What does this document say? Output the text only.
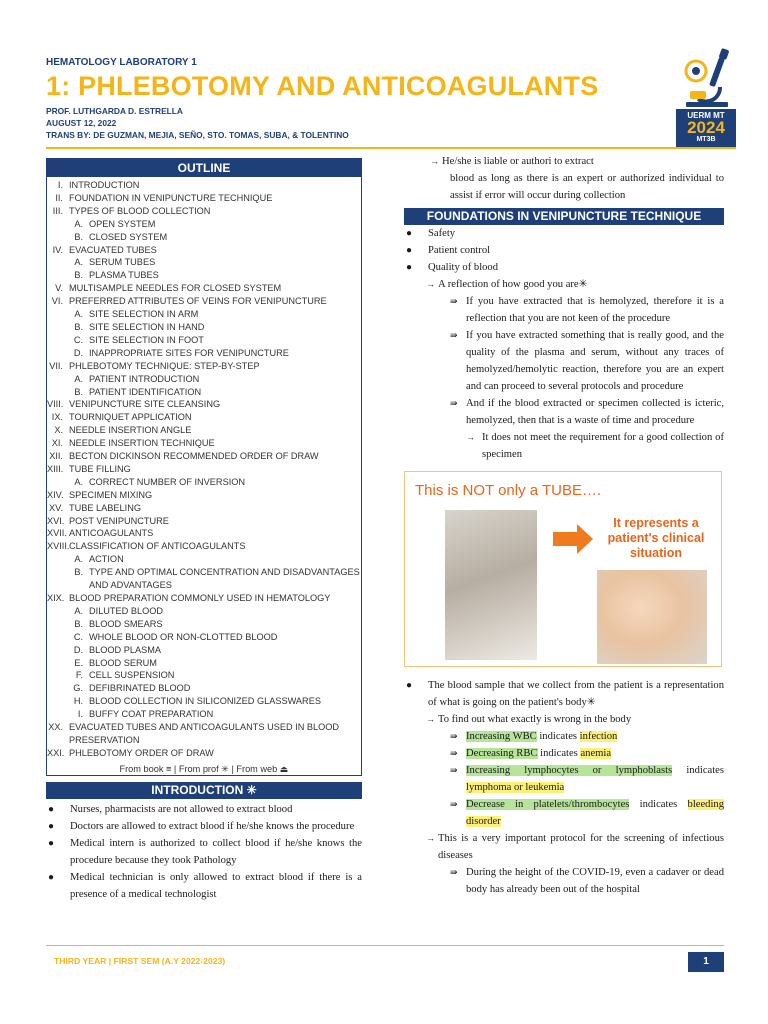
HEMATOLOGY LABORATORY 1
1: PHLEBOTOMY AND ANTICOAGULANTS
PROF. LUTHGARDA D. ESTRELLA
AUGUST 12, 2022
TRANS BY: DE GUZMAN, MEJIA, SEÑO, STO. TOMAS, SUBA, & TOLENTINO
UERM MT
2024
MT3B
OUTLINE
I. INTRODUCTION
II. FOUNDATION IN VENIPUNCTURE TECHNIQUE
III. TYPES OF BLOOD COLLECTION
A. OPEN SYSTEM
B. CLOSED SYSTEM
IV. EVACUATED TUBES
A. SERUM TUBES
B. PLASMA TUBES
V. MULTISAMPLE NEEDLES FOR CLOSED SYSTEM
VI. PREFERRED ATTRIBUTES OF VEINS FOR VENIPUNCTURE
A. SITE SELECTION IN ARM
B. SITE SELECTION IN HAND
C. SITE SELECTION IN FOOT
D. INAPPROPRIATE SITES FOR VENIPUNCTURE
VII. PHLEBOTOMY TECHNIQUE: STEP-BY-STEP
A. PATIENT INTRODUCTION
B. PATIENT IDENTIFICATION
VIII. VENIPUNCTURE SITE CLEANSING
IX. TOURNIQUET APPLICATION
X. NEEDLE INSERTION ANGLE
XI. NEEDLE INSERTION TECHNIQUE
XII. BECTON DICKINSON RECOMMENDED ORDER OF DRAW
XIII. TUBE FILLING
A. CORRECT NUMBER OF INVERSION
XIV. SPECIMEN MIXING
XV. TUBE LABELING
XVI. POST VENIPUNCTURE
XVII. ANTICOAGULANTS
XVIII. CLASSIFICATION OF ANTICOAGULANTS
A. ACTION
B. TYPE AND OPTIMAL CONCENTRATION AND DISADVANTAGES AND ADVANTAGES
XIX. BLOOD PREPARATION COMMONLY USED IN HEMATOLOGY
A. DILUTED BLOOD
B. BLOOD SMEARS
C. WHOLE BLOOD OR NON-CLOTTED BLOOD
D. BLOOD PLASMA
E. BLOOD SERUM
F. CELL SUSPENSION
G. DEFIBRINATED BLOOD
H. BLOOD COLLECTION IN SILICONIZED GLASSWARES
I. BUFFY COAT PREPARATION
XX. EVACUATED TUBES AND ANTICOAGULANTS USED IN BLOOD PRESERVATION
XXI. PHLEBOTOMY ORDER OF DRAW
From book ≡ | From prof ✳ | From web ⏏
INTRODUCTION ✳
●	Nurses, pharmacists are not allowed to extract blood
●	Doctors are allowed to extract blood if he/she knows the procedure
●	Medical intern is authorized to collect blood if he/she knows the procedure because they took Pathology
●	Medical technician is only allowed to extract blood if there is a presence of a medical technologist
→ He/she is liable or authori to extract
blood as long as there is an expert or authorized individual to assist if error will occur during collection
FOUNDATIONS IN VENIPUNCTURE TECHNIQUE
●	Safety
●	Patient control
●	Quality of blood
→ A reflection of how good you are✳
⇛ If you have extracted that is hemolyzed, therefore it is a reflection that you are not keen of the procedure
⇛ If you have extracted something that is really good, and the quality of the plasma and serum, without any traces of hemolyzed/hemolytic reaction, therefore you are an expert and can proceed to several protocols and procedure
⇛ And if the blood extracted or specimen collected is icteric, hemolyzed, then that is a waste of time and procedure
→ It does not meet the requirement for a good collection of specimen
This is NOT only a TUBE….
It represents a patient's clinical situation
●	The blood sample that we collect from the patient is a representation of what is going on the patient's body✳
→ To find out what exactly is wrong in the body
⇛ Increasing WBC indicates infection
⇛ Decreasing RBC indicates anemia
⇛ Increasing lymphocytes or lymphoblasts indicates lymphoma or leukemia
⇛ Decrease in platelets/thrombocytes indicates bleeding disorder
→ This is a very important protocol for the screening of infectious diseases
⇛ During the height of the COVID-19, even a cadaver or dead body has already been out of the hospital
THIRD YEAR | FIRST SEM (A.Y 2022-2023)	1
